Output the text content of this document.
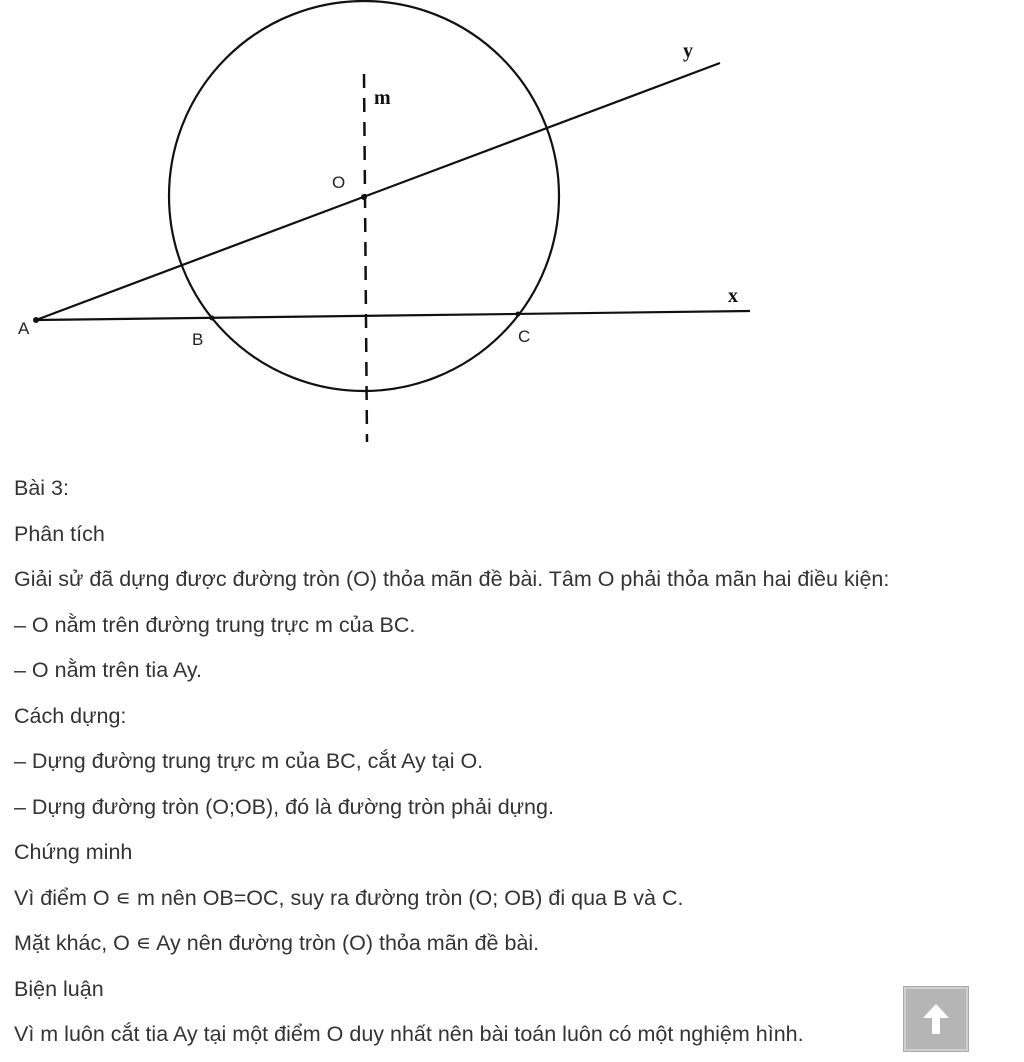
y
m
O
x
A
B	C
Bài 3:
Phân tích
Giải sử đã dựng được đường tròn (O) thỏa mãn đề bài. Tâm O phải thỏa mãn hai điều kiện:
– O nằm trên đường trung trực m của BC.
– O nằm trên tia Ay.
Cách dựng:
– Dựng đường trung trực m của BC, cắt Ay tại O.
– Dựng đường tròn (O;OB), đó là đường tròn phải dựng.
Chứng minh
Vì điểm O ∊ m nên OB=OC, suy ra đường tròn (O; OB) đi qua B và C.
Mặt khác, O ∊ Ay nên đường tròn (O) thỏa mãn đề bài.
Biện luận
Vì m luôn cắt tia Ay tại một điểm O duy nhất nên bài toán luôn có một nghiệm hình.
